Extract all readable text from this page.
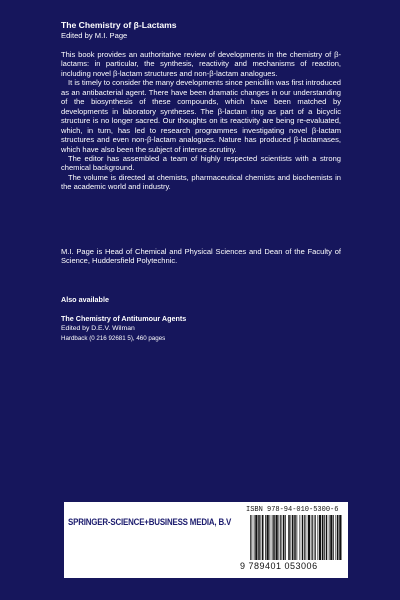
The Chemistry of β-Lactams
Edited by M.I. Page

This book provides an authoritative review of developments in the chemistry of β-lactams: in particular, the synthesis, reactivity and mechanisms of reaction, including novel β-lactam structures and non-β-lactam analogues.

It is timely to consider the many developments since penicillin was first introduced as an antibacterial agent. There have been dramatic changes in our understanding of the biosynthesis of these compounds, which have been matched by developments in laboratory syntheses. The β-lactam ring as part of a bicyclic structure is no longer sacred. Our thoughts on its reactivity are being re-evaluated, which, in turn, has led to research programmes investigating novel β-lactam structures and even non-β-lactam analogues. Nature has produced β-lactamases, which have also been the subject of intense scrutiny.

The editor has assembled a team of highly respected scientists with a strong chemical background.

The volume is directed at chemists, pharmaceutical chemists and biochemists in the academic world and industry.

M.I. Page is Head of Chemical and Physical Sciences and Dean of the Faculty of Science, Huddersfield Polytechnic.
Also available
The Chemistry of Antitumour Agents
Edited by D.E.V. Wilman
Hardback (0 216 92681 5), 460 pages
SPRINGER-SCIENCE+BUSINESS MEDIA, B.V
ISBN 978-94-010-5300-6
9 789401 053006
